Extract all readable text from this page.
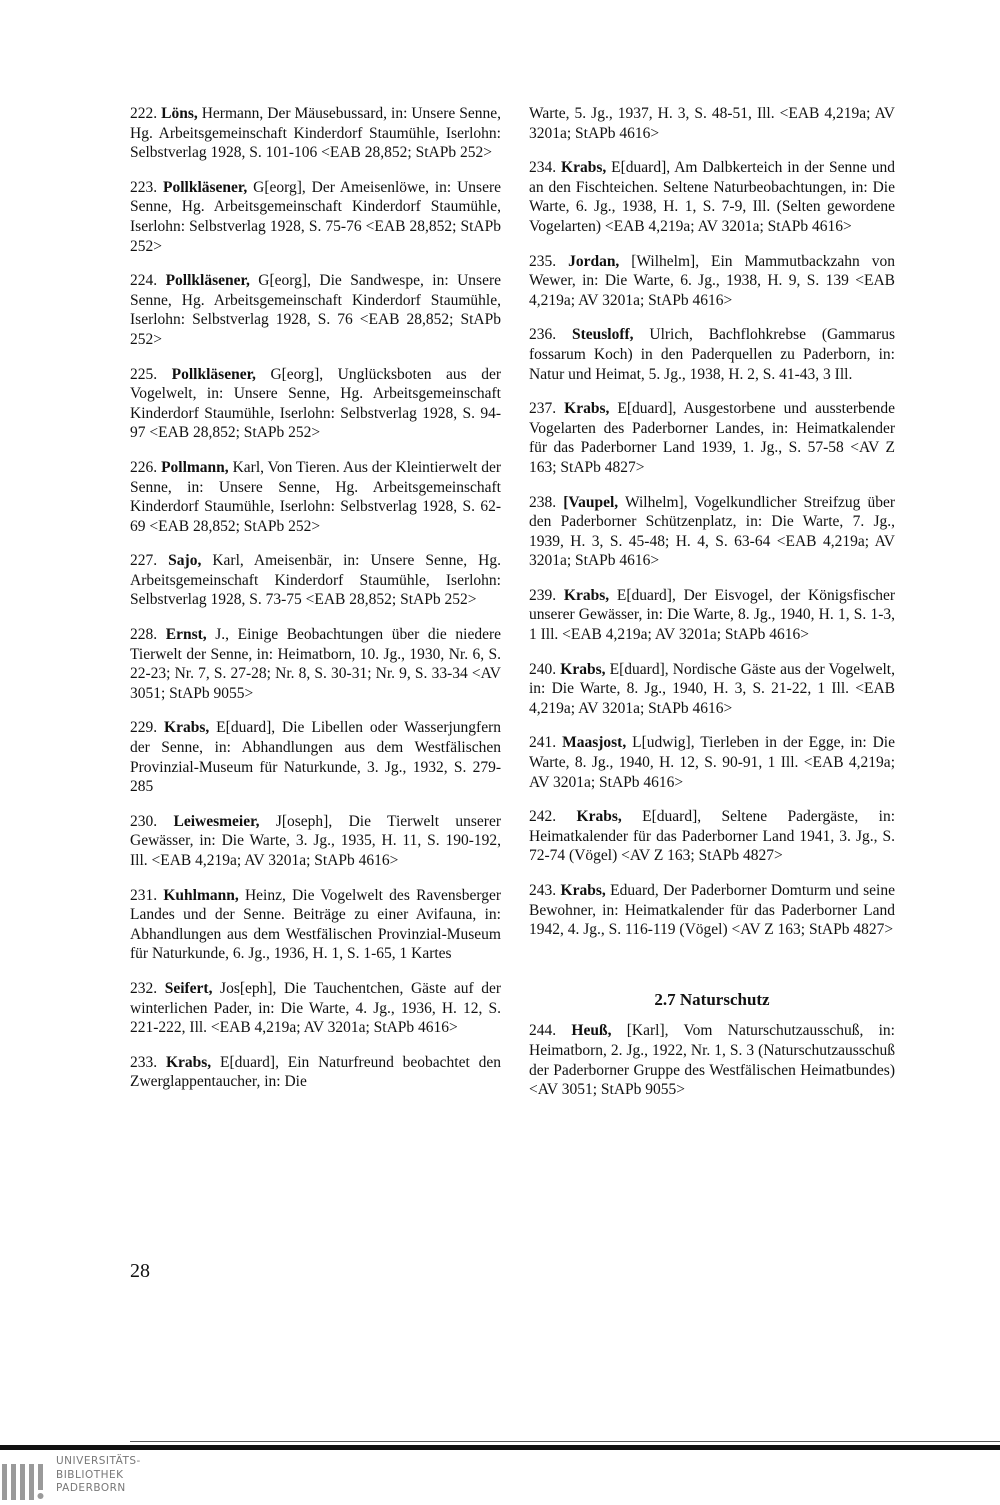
222. Löns, Hermann, Der Mäusebussard, in: Unsere Senne, Hg. Arbeitsgemeinschaft Kinderdorf Staumühle, Iserlohn: Selbstverlag 1928, S. 101-106 <EAB 28,852; StAPb 252>

223. Pollkläsener, G[eorg], Der Ameisenlöwe, in: Unsere Senne, Hg. Arbeitsgemeinschaft Kinderdorf Staumühle, Iserlohn: Selbstverlag 1928, S. 75-76 <EAB 28,852; StAPb 252>

224. Pollkläsener, G[eorg], Die Sandwespe, in: Unsere Senne, Hg. Arbeitsgemeinschaft Kinderdorf Staumühle, Iserlohn: Selbstverlag 1928, S. 76 <EAB 28,852; StAPb 252>

225. Pollkläsener, G[eorg], Unglücksboten aus der Vogelwelt, in: Unsere Senne, Hg. Arbeitsgemeinschaft Kinderdorf Staumühle, Iserlohn: Selbstverlag 1928, S. 94-97 <EAB 28,852; StAPb 252>

226. Pollmann, Karl, Von Tieren. Aus der Kleintierwelt der Senne, in: Unsere Senne, Hg. Arbeitsgemeinschaft Kinderdorf Staumühle, Iserlohn: Selbstverlag 1928, S. 62-69 <EAB 28,852; StAPb 252>

227. Sajo, Karl, Ameisenbär, in: Unsere Senne, Hg. Arbeitsgemeinschaft Kinderdorf Staumühle, Iserlohn: Selbstverlag 1928, S. 73-75 <EAB 28,852; StAPb 252>

228. Ernst, J., Einige Beobachtungen über die niedere Tierwelt der Senne, in: Heimatborn, 10. Jg., 1930, Nr. 6, S. 22-23; Nr. 7, S. 27-28; Nr. 8, S. 30-31; Nr. 9, S. 33-34 <AV 3051; StAPb 9055>

229. Krabs, E[duard], Die Libellen oder Wasserjungfern der Senne, in: Abhandlungen aus dem Westfälischen Provinzial-Museum für Naturkunde, 3. Jg., 1932, S. 279-285

230. Leiwesmeier, J[oseph], Die Tierwelt unserer Gewässer, in: Die Warte, 3. Jg., 1935, H. 11, S. 190-192, Ill. <EAB 4,219a; AV 3201a; StAPb 4616>

231. Kuhlmann, Heinz, Die Vogelwelt des Ravensberger Landes und der Senne. Beiträge zu einer Avifauna, in: Abhandlungen aus dem Westfälischen Provinzial-Museum für Naturkunde, 6. Jg., 1936, H. 1, S. 1-65, 1 Kartes

232. Seifert, Jos[eph], Die Tauchentchen, Gäste auf der winterlichen Pader, in: Die Warte, 4. Jg., 1936, H. 12, S. 221-222, Ill. <EAB 4,219a; AV 3201a; StAPb 4616>

233. Krabs, E[duard], Ein Naturfreund beobachtet den Zwerglappentaucher, in: Die

Warte, 5. Jg., 1937, H. 3, S. 48-51, Ill. <EAB 4,219a; AV 3201a; StAPb 4616>

234. Krabs, E[duard], Am Dalbkerteich in der Senne und an den Fischteichen. Seltene Naturbeobachtungen, in: Die Warte, 6. Jg., 1938, H. 1, S. 7-9, Ill. (Selten gewordene Vogelarten) <EAB 4,219a; AV 3201a; StAPb 4616>

235. Jordan, [Wilhelm], Ein Mammutbackzahn von Wewer, in: Die Warte, 6. Jg., 1938, H. 9, S. 139 <EAB 4,219a; AV 3201a; StAPb 4616>

236. Steusloff, Ulrich, Bachflohkrebse (Gammarus fossarum Koch) in den Paderquellen zu Paderborn, in: Natur und Heimat, 5. Jg., 1938, H. 2, S. 41-43, 3 Ill.

237. Krabs, E[duard], Ausgestorbene und aussterbende Vogelarten des Paderborner Landes, in: Heimatkalender für das Paderborner Land 1939, 1. Jg., S. 57-58 <AV Z 163; StAPb 4827>

238. [Vaupel, Wilhelm], Vogelkundlicher Streifzug über den Paderborner Schützenplatz, in: Die Warte, 7. Jg., 1939, H. 3, S. 45-48; H. 4, S. 63-64 <EAB 4,219a; AV 3201a; StAPb 4616>

239. Krabs, E[duard], Der Eisvogel, der Königsfischer unserer Gewässer, in: Die Warte, 8. Jg., 1940, H. 1, S. 1-3, 1 Ill. <EAB 4,219a; AV 3201a; StAPb 4616>

240. Krabs, E[duard], Nordische Gäste aus der Vogelwelt, in: Die Warte, 8. Jg., 1940, H. 3, S. 21-22, 1 Ill. <EAB 4,219a; AV 3201a; StAPb 4616>

241. Maasjost, L[udwig], Tierleben in der Egge, in: Die Warte, 8. Jg., 1940, H. 12, S. 90-91, 1 Ill. <EAB 4,219a; AV 3201a; StAPb 4616>

242. Krabs, E[duard], Seltene Padergäste, in: Heimatkalender für das Paderborner Land 1941, 3. Jg., S. 72-74 (Vögel) <AV Z 163; StAPb 4827>

243. Krabs, Eduard, Der Paderborner Domturm und seine Bewohner, in: Heimatkalender für das Paderborner Land 1942, 4. Jg., S. 116-119 (Vögel) <AV Z 163; StAPb 4827>

2.7 Naturschutz

244. Heuß, [Karl], Vom Naturschutzausschuß, in: Heimatborn, 2. Jg., 1922, Nr. 1, S. 3 (Naturschutzausschuß der Paderborner Gruppe des Westfälischen Heimatbundes) <AV 3051; StAPb 9055>

28
UNIVERSITÄTS-
BIBLIOTHEK
PADERBORN
